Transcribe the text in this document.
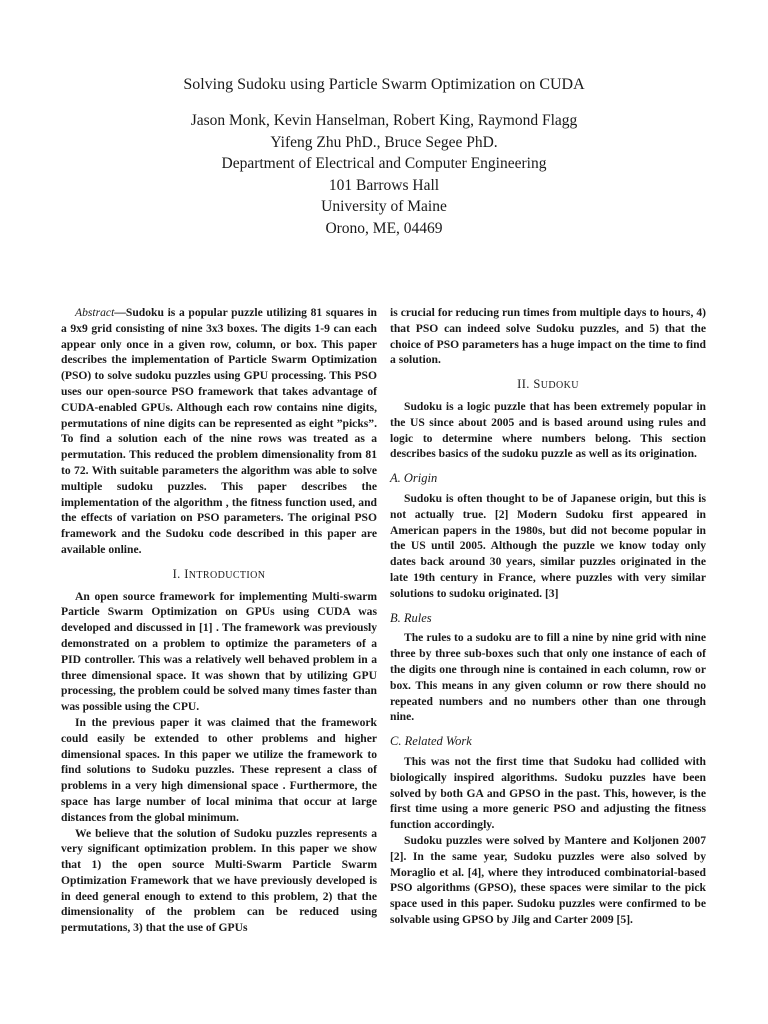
Solving Sudoku using Particle Swarm Optimization on CUDA
Jason Monk, Kevin Hanselman, Robert King, Raymond Flagg
Yifeng Zhu PhD., Bruce Segee PhD.
Department of Electrical and Computer Engineering
101 Barrows Hall
University of Maine
Orono, ME, 04469

Abstract—Sudoku is a popular puzzle utilizing 81 squares in a 9x9 grid consisting of nine 3x3 boxes. The digits 1-9 can each appear only once in a given row, column, or box. This paper describes the implementation of Particle Swarm Optimization (PSO) to solve sudoku puzzles using GPU processing. This PSO uses our open-source PSO framework that takes advantage of CUDA-enabled GPUs. Although each row contains nine digits, permutations of nine digits can be represented as eight ”picks”. To find a solution each of the nine rows was treated as a permutation. This reduced the problem dimensionality from 81 to 72. With suitable parameters the algorithm was able to solve multiple sudoku puzzles. This paper describes the implementation of the algorithm , the fitness function used, and the effects of variation on PSO parameters. The original PSO framework and the Sudoku code described in this paper are available online.

I. INTRODUCTION

An open source framework for implementing Multi-swarm Particle Swarm Optimization on GPUs using CUDA was developed and discussed in [1] . The framework was previously demonstrated on a problem to optimize the parameters of a PID controller. This was a relatively well behaved problem in a three dimensional space. It was shown that by utilizing GPU processing, the problem could be solved many times faster than was possible using the CPU.

In the previous paper it was claimed that the framework could easily be extended to other problems and higher dimensional spaces. In this paper we utilize the framework to find solutions to Sudoku puzzles. These represent a class of problems in a very high dimensional space . Furthermore, the space has large number of local minima that occur at large distances from the global minimum.

We believe that the solution of Sudoku puzzles represents a very significant optimization problem. In this paper we show that 1) the open source Multi-Swarm Particle Swarm Optimization Framework that we have previously developed is in deed general enough to extend to this problem, 2) that the dimensionality of the problem can be reduced using permutations, 3) that the use of GPUs

is crucial for reducing run times from multiple days to hours, 4) that PSO can indeed solve Sudoku puzzles, and 5) that the choice of PSO parameters has a huge impact on the time to find a solution.

II. SUDOKU

Sudoku is a logic puzzle that has been extremely popular in the US since about 2005 and is based around using rules and logic to determine where numbers belong. This section describes basics of the sudoku puzzle as well as its origination.

A. Origin

Sudoku is often thought to be of Japanese origin, but this is not actually true. [2] Modern Sudoku first appeared in American papers in the 1980s, but did not become popular in the US until 2005. Although the puzzle we know today only dates back around 30 years, similar puzzles originated in the late 19th century in France, where puzzles with very similar solutions to sudoku originated. [3]

B. Rules

The rules to a sudoku are to fill a nine by nine grid with nine three by three sub-boxes such that only one instance of each of the digits one through nine is contained in each column, row or box. This means in any given column or row there should no repeated numbers and no numbers other than one through nine.

C. Related Work

This was not the first time that Sudoku had collided with biologically inspired algorithms. Sudoku puzzles have been solved by both GA and GPSO in the past. This, however, is the first time using a more generic PSO and adjusting the fitness function accordingly.

Sudoku puzzles were solved by Mantere and Koljonen 2007 [2]. In the same year, Sudoku puzzles were also solved by Moraglio et al. [4], where they introduced combinatorial-based PSO algorithms (GPSO), these spaces were similar to the pick space used in this paper. Sudoku puzzles were confirmed to be solvable using GPSO by Jilg and Carter 2009 [5].
